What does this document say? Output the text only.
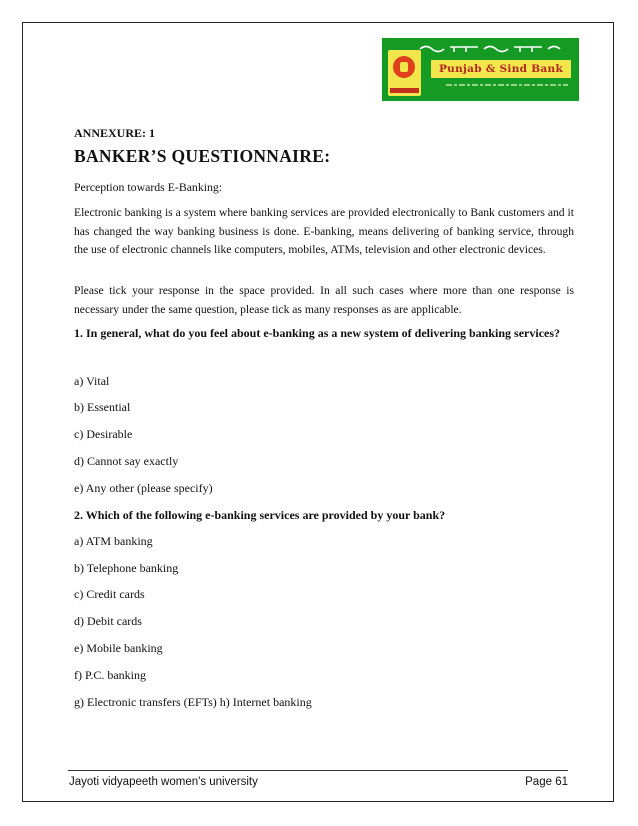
Punjab & Sind Bank
ANNEXURE: 1
BANKER’S QUESTIONNAIRE:
Perception towards E-Banking:

Electronic banking is a system where banking services are provided electronically to Bank customers and it has changed the way banking business is done. E-banking, means delivering of banking service, through the use of electronic channels like computers, mobiles, ATMs, television and other electronic devices.

Please tick your response in the space provided. In all such cases where more than one response is necessary under the same question, please tick as many responses as are applicable.

1. In general, what do you feel about e-banking as a new system of delivering banking services?

a) Vital
b) Essential
c) Desirable
d) Cannot say exactly
e) Any other (please specify)

2. Which of the following e-banking services are provided by your bank?

a) ATM banking
b) Telephone banking
c) Credit cards
d) Debit cards
e) Mobile banking
f) P.C. banking
g) Electronic transfers (EFTs) h) Internet banking
Jayoti vidyapeeth women's university	Page 61
